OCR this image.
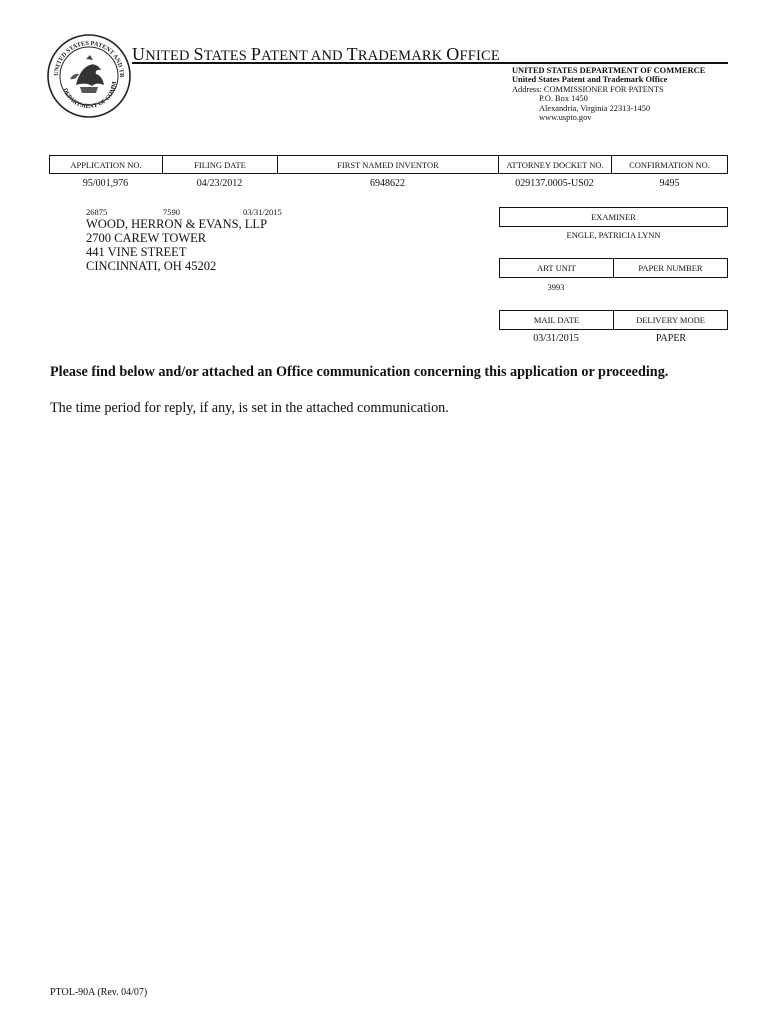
UNITED STATES PATENT AND TR
DEPARTMENT OF COMM
UNITED STATES PATENT AND TRADEMARK OFFICE
UNITED STATES DEPARTMENT OF COMMERCE
United States Patent and Trademark Office
Address: COMMISSIONER FOR PATENTS
P.O. Box 1450
Alexandria, Virginia 22313-1450
www.uspto.gov
APPLICATION NO.	FILING DATE	FIRST NAMED INVENTOR	ATTORNEY DOCKET NO.	CONFIRMATION NO.
95/001,976	04/23/2012	6948622	029137.0005-US02	9495
26875	7590	03/31/2015
WOOD, HERRON & EVANS, LLP
2700 CAREW TOWER
441 VINE STREET
CINCINNATI, OH 45202
EXAMINER
ENGLE, PATRICIA LYNN
ART UNIT	PAPER NUMBER
3993
MAIL DATE	DELIVERY MODE
03/31/2015	PAPER
Please find below and/or attached an Office communication concerning this application or proceeding.
The time period for reply, if any, is set in the attached communication.
PTOL-90A (Rev. 04/07)
